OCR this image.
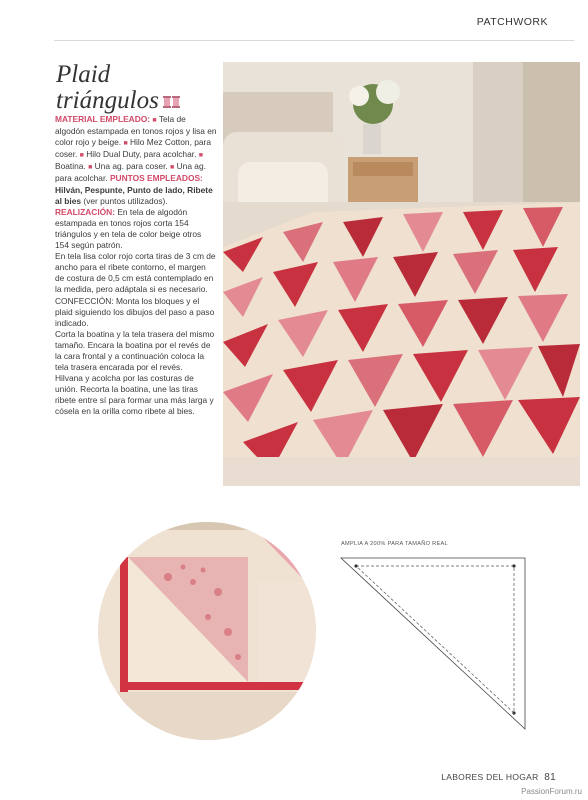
PATCHWORK
Plaid
triángulos

MATERIAL EMPLEADO: ■ Tela de algodón estampada en tonos rojos y lisa en color rojo y beige. ■ Hilo Mez Cotton, para coser. ■ Hilo Dual Duty, para acolchar. ■ Boatina. ■ Una ag. para coser. ■ Una ag. para acolchar. PUNTOS EMPLEADOS: Hilván, Pespunte, Punto de lado, Ribete al bies (ver puntos utilizados).

REALIZACIÓN: En tela de algodón estampada en tonos rojos corta 154 triángulos y en tela de color beige otros 154 según patrón.

En tela lisa color rojo corta tiras de 3 cm de ancho para el ribete contorno, el margen de costura de 0,5 cm está contemplado en la medida, pero adáptala si es necesario.

CONFECCIÓN: Monta los bloques y el plaid siguiendo los dibujos del paso a paso indicado.

Corta la boatina y la tela trasera del mismo tamaño. Encara la boatina por el revés de la cara frontal y a continuación coloca la tela trasera encarada por el revés.

Hilvana y acolcha por las costuras de unión. Recorta la boatina, une las tiras ribete entre sí para formar una más larga y cósela en la orilla como ribete al bies.

AMPLIA A 200% PARA TAMAÑO REAL
LABORES DEL HOGAR 81
PassionForum.ru
